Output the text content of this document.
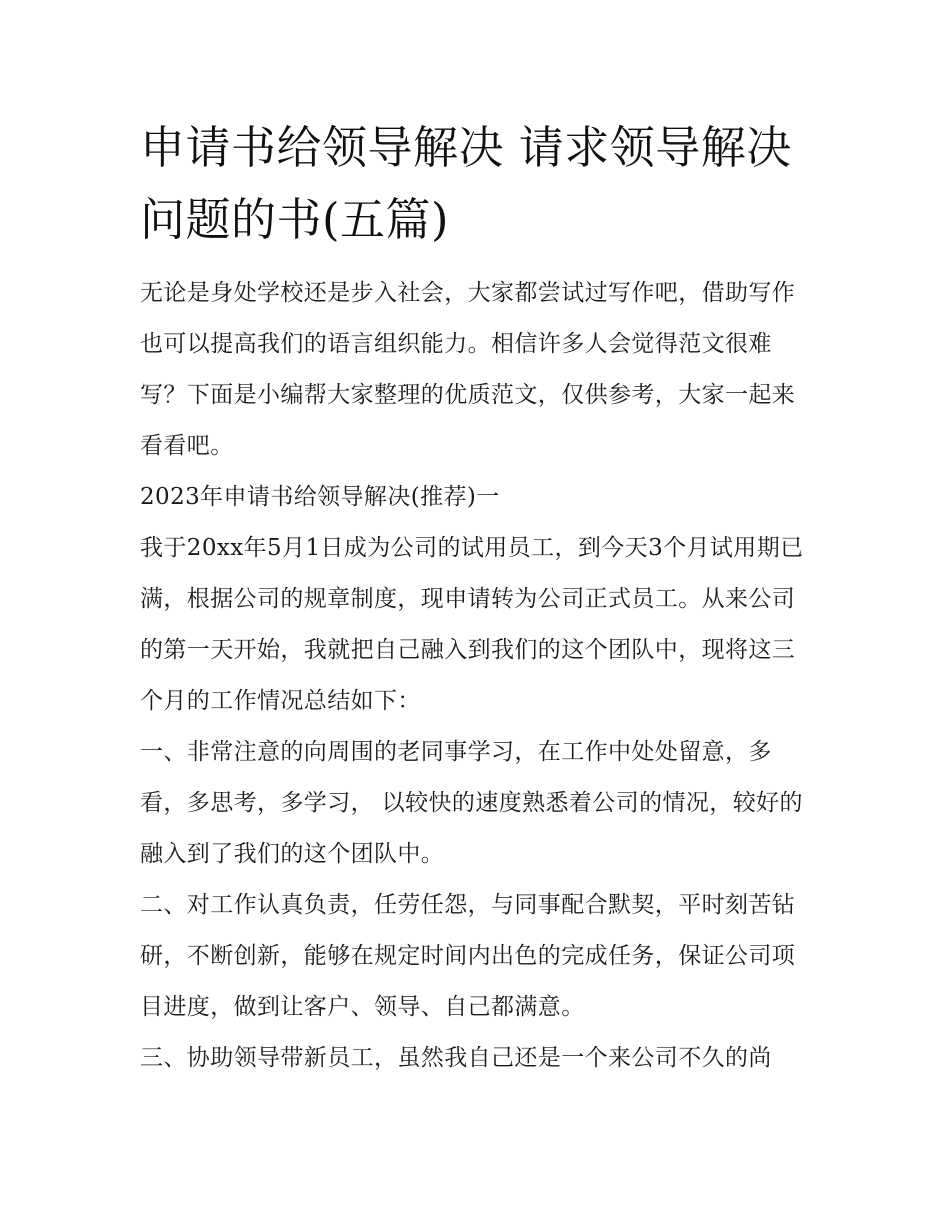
申请书给领导解决 请求领导解决问题的书(五篇)

无论是身处学校还是步入社会，大家都尝试过写作吧，借助写作也可以提高我们的语言组织能力。相信许多人会觉得范文很难写？下面是小编帮大家整理的优质范文，仅供参考，大家一起来看看吧。

2023年申请书给领导解决(推荐)一

我于20xx年5月1日成为公司的试用员工，到今天3个月试用期已满，根据公司的规章制度，现申请转为公司正式员工。从来公司的第一天开始，我就把自己融入到我们的这个团队中，现将这三个月的工作情况总结如下：

一、非常注意的向周围的老同事学习，在工作中处处留意，多看，多思考，多学习， 以较快的速度熟悉着公司的情况，较好的融入到了我们的这个团队中。

二、对工作认真负责，任劳任怨，与同事配合默契，平时刻苦钻研，不断创新，能够在规定时间内出色的完成任务，保证公司项目进度，做到让客户、领导、自己都满意。

三、协助领导带新员工，虽然我自己还是一个来公司不久的尚
